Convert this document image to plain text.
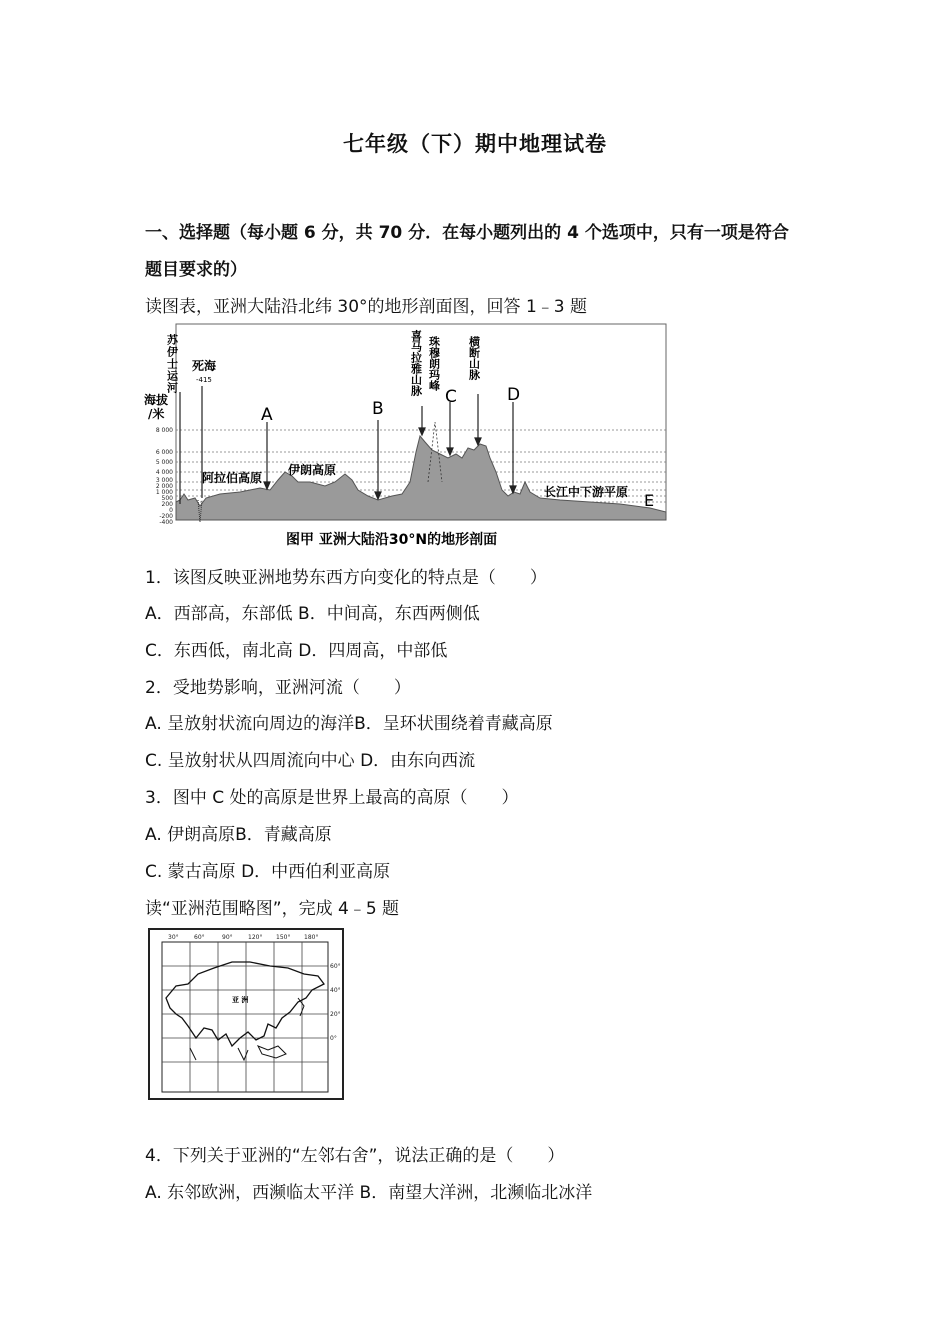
七年级（下）期中地理试卷
一、选择题（每小题 6 分，共 70 分．在每小题列出的 4 个选项中，只有一项是符合
题目要求的）
读图表，亚洲大陆沿北纬 30°的地形剖面图，回答 1﹣3 题
8 000
6 000
5 000
4 000
3 000
2 000
1 000
500
200
0
-200
-400
海拔
/米
苏伊士运河 死海
-415	喜马拉雅山脉 珠穆朗玛峰 横断山脉
阿拉伯高原
伊朗高原
长江中下游平原
A	B
C	D
E
图甲 亚洲大陆沿30°N的地形剖面
1．该图反映亚洲地势东西方向变化的特点是（　　）
A．西部高，东部低 B．中间高，东西两侧低
C．东西低，南北高 D．四周高，中部低
2．受地势影响，亚洲河流（　　）
A. 呈放射状流向周边的海洋B．呈环状围绕着青藏高原
C. 呈放射状从四周流向中心 D．由东向西流
3．图中 C 处的高原是世界上最高的高原（　　）
A. 伊朗高原B．青藏高原
C. 蒙古高原 D．中西伯利亚高原
读“亚洲范围略图”，完成 4﹣5 题
30°	60°	90°	120° 150° 180°
60°
40°
20°
0°
亚 洲
4．下列关于亚洲的“左邻右舍”，说法正确的是（　　）
A. 东邻欧洲，西濒临太平洋 B．南望大洋洲，北濒临北冰洋
